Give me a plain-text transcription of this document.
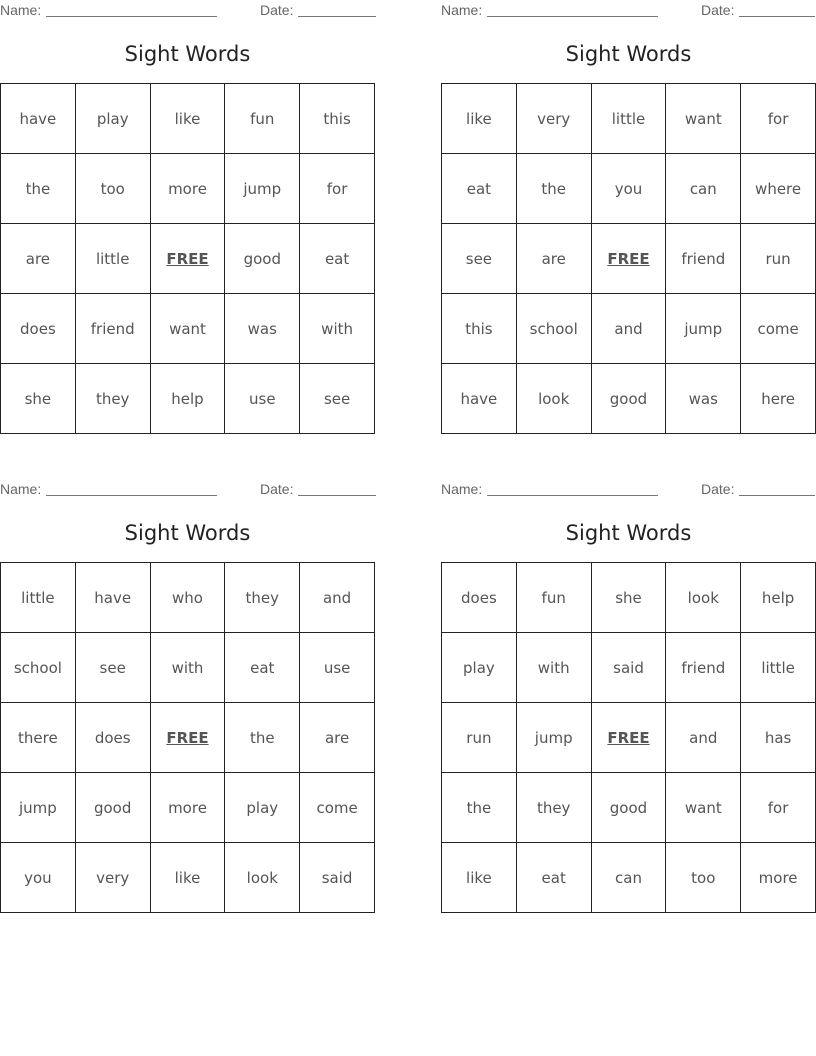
Name:	Date:
Sight Words
have	play	like	fun	this
the	too	more	jump	for
are	little	FREE	good	eat
does	friend	want	was	with
she	they	help	use	see
Name:	Date:
Sight Words
like	very	little	want	for
eat	the	you	can	where
see	are	FREE	friend	run
this	school	and	jump	come
have	look	good	was	here
Name:	Date:
Sight Words
little	have	who	they	and
school	see	with	eat	use
there	does	FREE	the	are
jump	good	more	play	come
you	very	like	look	said
Name:	Date:
Sight Words
does	fun	she	look	help
play	with	said	friend	little
run	jump	FREE	and	has
the	they	good	want	for
like	eat	can	too	more
